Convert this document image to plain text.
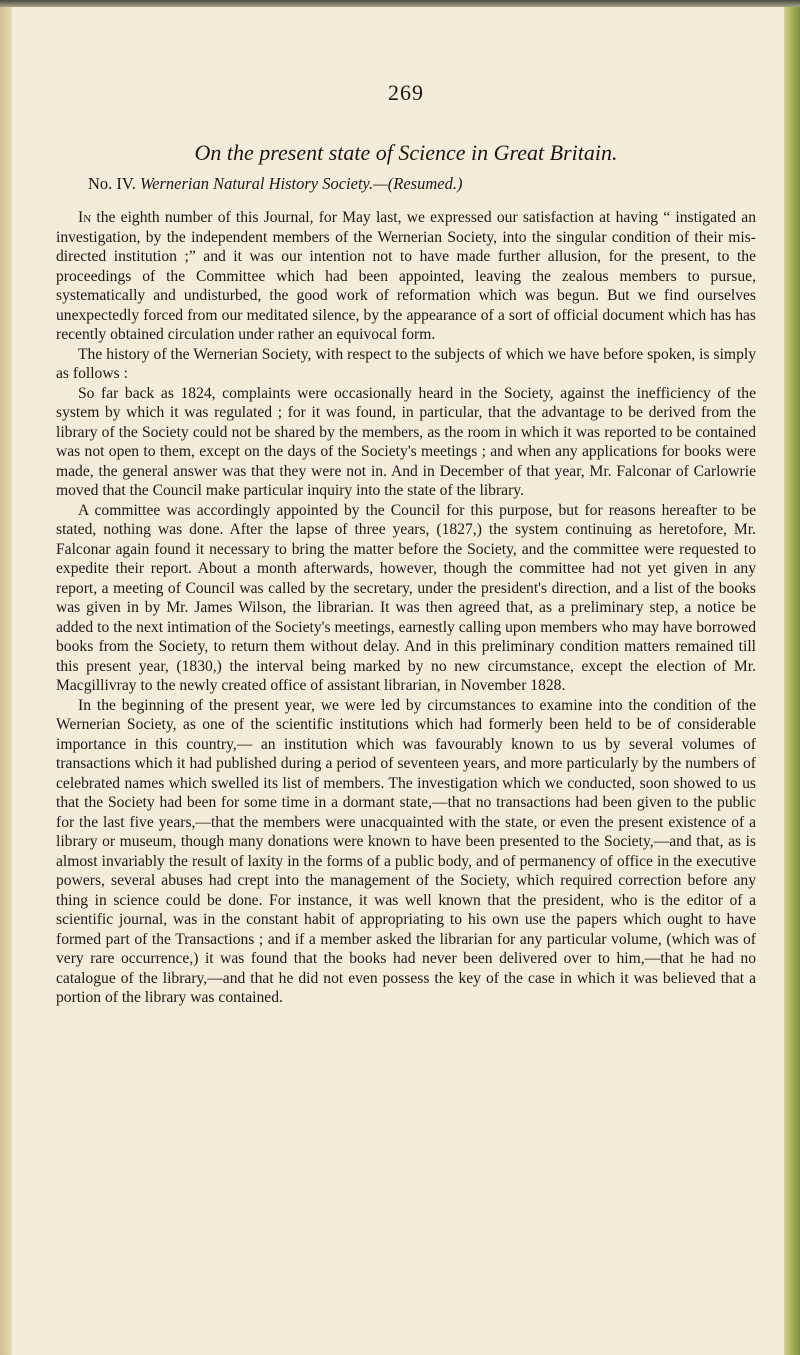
269
On the present state of Science in Great Britain.
No. IV. Wernerian Natural History Society.—(Resumed.)

In the eighth number of this Journal, for May last, we expressed our satisfaction at having “ instigated an investigation, by the independent members of the Wernerian Society, into the singular condition of their mis-directed institution ;” and it was our intention not to have made further allusion, for the present, to the proceedings of the Committee which had been appointed, leaving the zealous members to pursue, systematically and undisturbed, the good work of reformation which was begun. But we find ourselves unexpectedly forced from our meditated silence, by the appearance of a sort of official document which has has recently obtained circulation under rather an equivocal form.

The history of the Wernerian Society, with respect to the subjects of which we have before spoken, is simply as follows :

So far back as 1824, complaints were occasionally heard in the Society, against the inefficiency of the system by which it was regulated ; for it was found, in particular, that the advantage to be derived from the library of the Society could not be shared by the members, as the room in which it was reported to be contained was not open to them, except on the days of the Society's meetings ; and when any applications for books were made, the general answer was that they were not in. And in December of that year, Mr. Falconar of Carlowrie moved that the Council make particular inquiry into the state of the library.

A committee was accordingly appointed by the Council for this purpose, but for reasons hereafter to be stated, nothing was done. After the lapse of three years, (1827,) the system continuing as heretofore, Mr. Falconar again found it necessary to bring the matter before the Society, and the committee were requested to expedite their report. About a month afterwards, however, though the committee had not yet given in any report, a meeting of Council was called by the secretary, under the president's direction, and a list of the books was given in by Mr. James Wilson, the librarian. It was then agreed that, as a preliminary step, a notice be added to the next intimation of the Society's meetings, earnestly calling upon members who may have borrowed books from the Society, to return them without delay. And in this preliminary condition matters remained till this present year, (1830,) the interval being marked by no new circumstance, except the election of Mr. Macgillivray to the newly created office of assistant librarian, in November 1828.

In the beginning of the present year, we were led by circumstances to examine into the condition of the Wernerian Society, as one of the scientific institutions which had formerly been held to be of considerable importance in this country,— an institution which was favourably known to us by several volumes of transactions which it had published during a period of seventeen years, and more particularly by the numbers of celebrated names which swelled its list of members. The investigation which we conducted, soon showed to us that the Society had been for some time in a dormant state,—that no transactions had been given to the public for the last five years,—that the members were unacquainted with the state, or even the present existence of a library or museum, though many donations were known to have been presented to the Society,—and that, as is almost invariably the result of laxity in the forms of a public body, and of permanency of office in the executive powers, several abuses had crept into the management of the Society, which required correction before any thing in science could be done. For instance, it was well known that the president, who is the editor of a scientific journal, was in the constant habit of appropriating to his own use the papers which ought to have formed part of the Transactions ; and if a member asked the librarian for any particular volume, (which was of very rare occurrence,) it was found that the books had never been delivered over to him,—that he had no catalogue of the library,—and that he did not even possess the key of the case in which it was believed that a portion of the library was contained.
